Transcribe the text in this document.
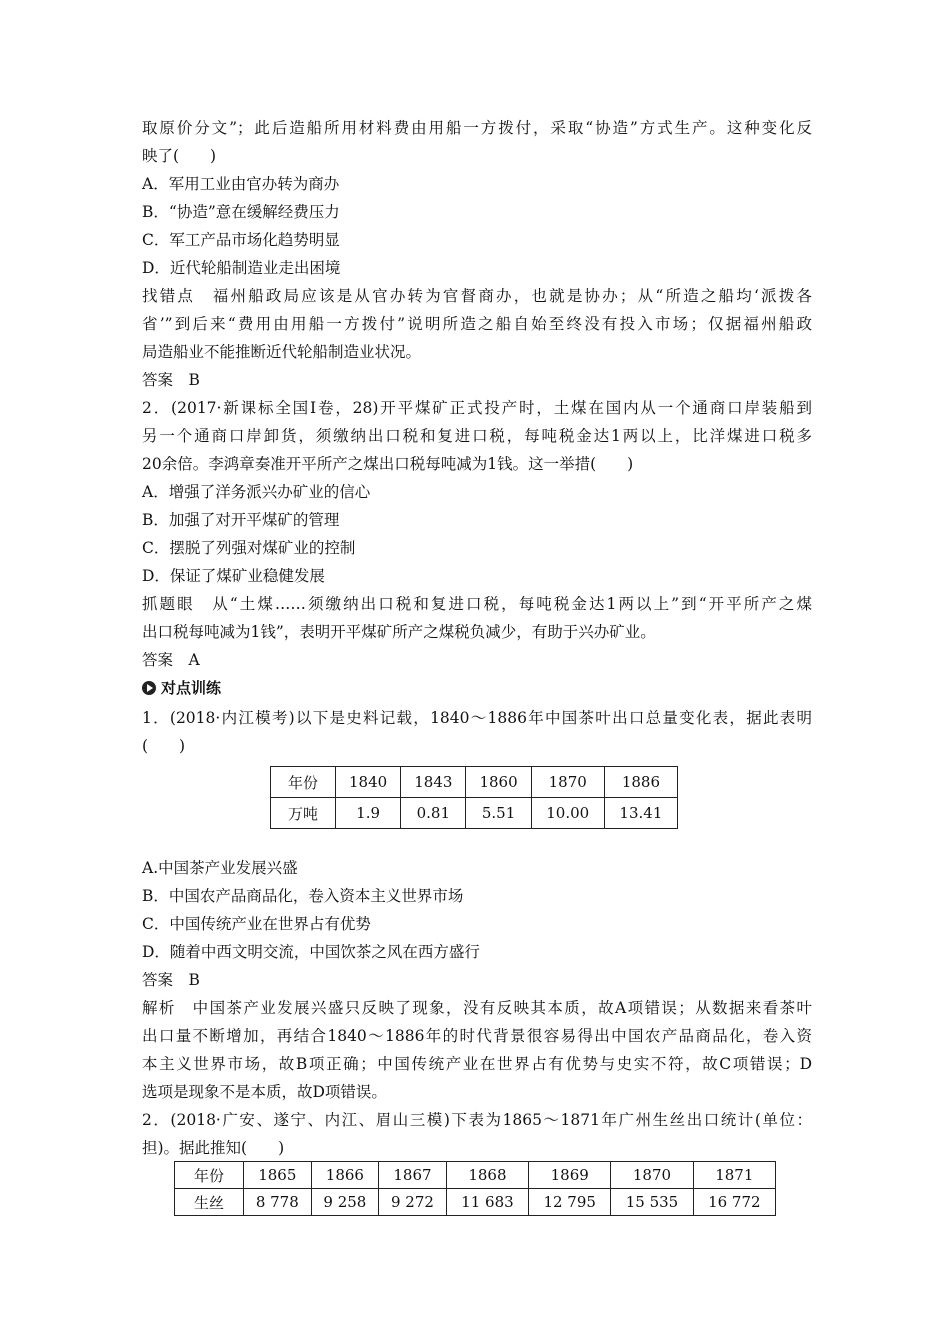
取原价分文”；此后造船所用材料费由用船一方拨付，采取“协造”方式生产。这种变化反
映了(　　)
A．军用工业由官办转为商办
B．“协造”意在缓解经费压力
C．军工产品市场化趋势明显
D．近代轮船制造业走出困境
找错点　福州船政局应该是从官办转为官督商办，也就是协办；从“所造之船均‘派拨各
省’”到后来“费用由用船一方拨付”说明所造之船自始至终没有投入市场；仅据福州船政
局造船业不能推断近代轮船制造业状况。
答案　B
2．(2017·新课标全国Ⅰ卷，28)开平煤矿正式投产时，土煤在国内从一个通商口岸装船到
另一个通商口岸卸货，须缴纳出口税和复进口税，每吨税金达1两以上，比洋煤进口税多
20余倍。李鸿章奏准开平所产之煤出口税每吨减为1钱。这一举措(　　)
A．增强了洋务派兴办矿业的信心
B．加强了对开平煤矿的管理
C．摆脱了列强对煤矿业的控制
D．保证了煤矿业稳健发展
抓题眼　从“土煤……须缴纳出口税和复进口税，每吨税金达1两以上”到“开平所产之煤
出口税每吨减为1钱”，表明开平煤矿所产之煤税负减少，有助于兴办矿业。
答案　A
对点训练
1．(2018·内江模考)以下是史料记载，1840～1886年中国茶叶出口总量变化表，据此表明
(　　)
年份	1840	1843	1860	1870	1886
万吨	1.9	0.81	5.51	10.00	13.41
A.中国茶产业发展兴盛
B．中国农产品商品化，卷入资本主义世界市场
C．中国传统产业在世界占有优势
D．随着中西文明交流，中国饮茶之风在西方盛行
答案　B
解析　中国茶产业发展兴盛只反映了现象，没有反映其本质，故A项错误；从数据来看茶叶
出口量不断增加，再结合1840～1886年的时代背景很容易得出中国农产品商品化，卷入资
本主义世界市场，故B项正确；中国传统产业在世界占有优势与史实不符，故C项错误；D
选项是现象不是本质，故D项错误。
2．(2018·广安、遂宁、内江、眉山三模)下表为1865～1871年广州生丝出口统计(单位：
担)。据此推知(　　)
年份	1865	1866	1867	1868	1869	1870	1871
生丝	8 778	9 258	9 272	11 683	12 795	15 535	16 772
